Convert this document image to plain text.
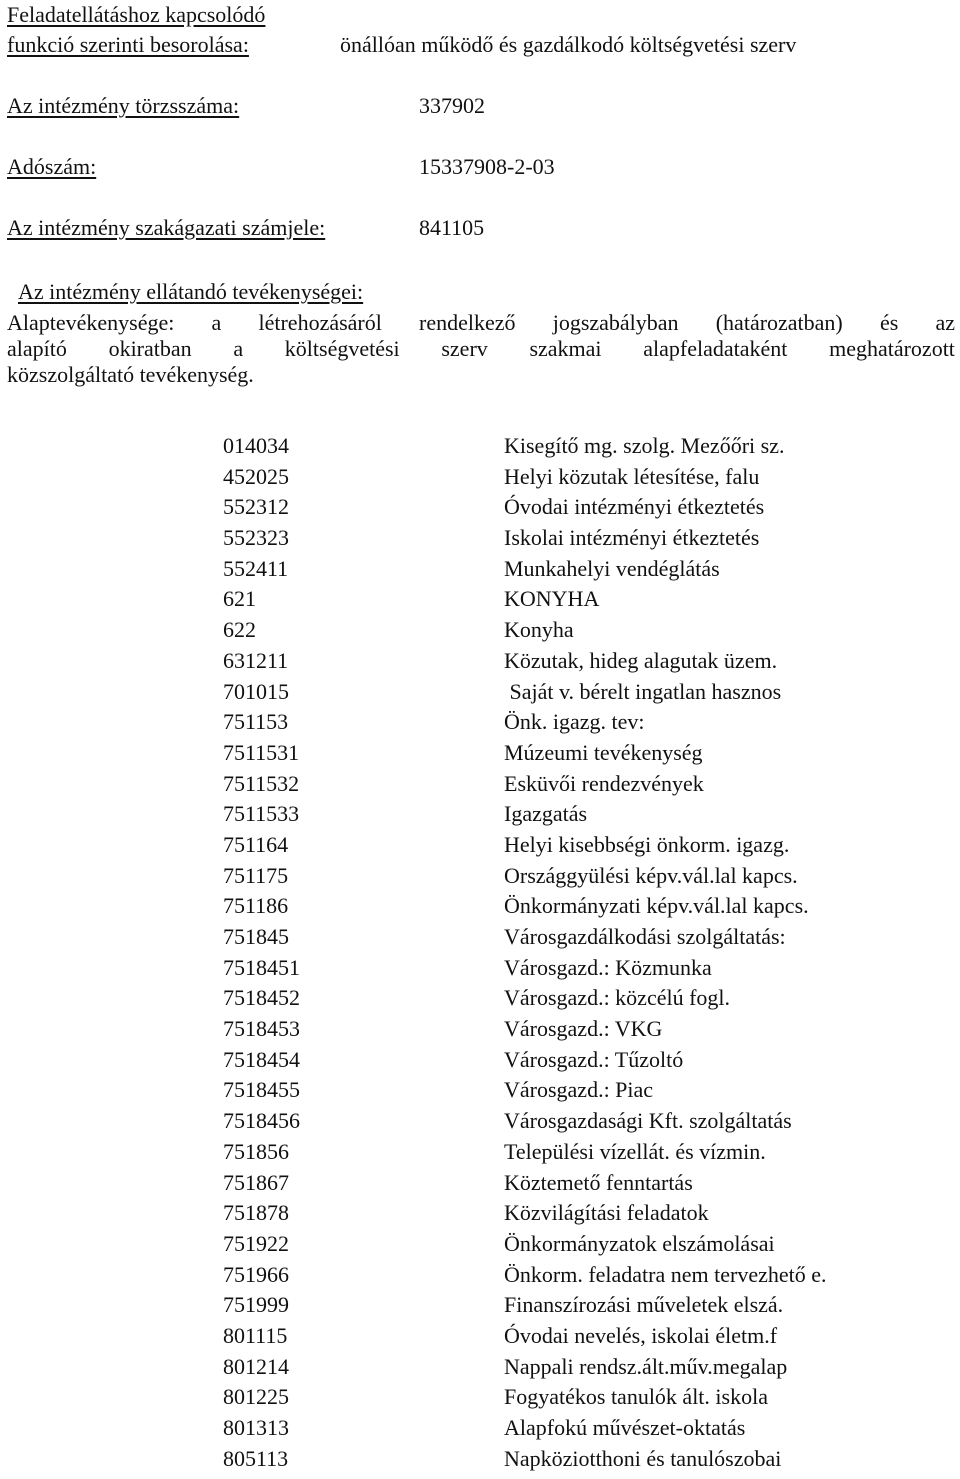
Feladatellátáshoz kapcsolódó
funkció szerinti besorolása:	önállóan működő és gazdálkodó költségvetési szerv
Az intézmény törzsszáma:	337902
Adószám:	15337908-2-03
Az intézmény szakágazati számjele:	841105
Az intézmény ellátandó tevékenységei:
Alaptevékenysége: a létrehozásáról rendelkező jogszabályban (határozatban) és az
alapító okiratban a költségvetési szerv szakmai alapfeladataként meghatározott
közszolgáltató tevékenység.
014034	Kisegítő mg. szolg. Mezőőri sz.
452025	Helyi közutak létesítése, falu
552312	Óvodai intézményi étkeztetés
552323	Iskolai intézményi étkeztetés
552411	Munkahelyi vendéglátás
621	KONYHA
622	Konyha
631211	Közutak, hideg alagutak üzem.
701015	Saját v. bérelt ingatlan hasznos
751153	Önk. igazg. tev:
7511531	Múzeumi tevékenység
7511532	Esküvői rendezvények
7511533	Igazgatás
751164	Helyi kisebbségi önkorm. igazg.
751175	Országgyülési képv.vál.lal kapcs.
751186	Önkormányzati képv.vál.lal kapcs.
751845	Városgazdálkodási szolgáltatás:
7518451	Városgazd.: Közmunka
7518452	Városgazd.: közcélú fogl.
7518453	Városgazd.: VKG
7518454	Városgazd.: Tűzoltó
7518455	Városgazd.: Piac
7518456	Városgazdasági Kft. szolgáltatás
751856	Települési vízellát. és vízmin.
751867	Köztemető fenntartás
751878	Közvilágítási feladatok
751922	Önkormányzatok elszámolásai
751966	Önkorm. feladatra nem tervezhető e.
751999	Finanszírozási műveletek elszá.
801115	Óvodai nevelés, iskolai életm.f
801214	Nappali rendsz.ált.műv.megalap
801225	Fogyatékos tanulók ált. iskola
801313	Alapfokú művészet-oktatás
805113	Napköziotthoni és tanulószobai
